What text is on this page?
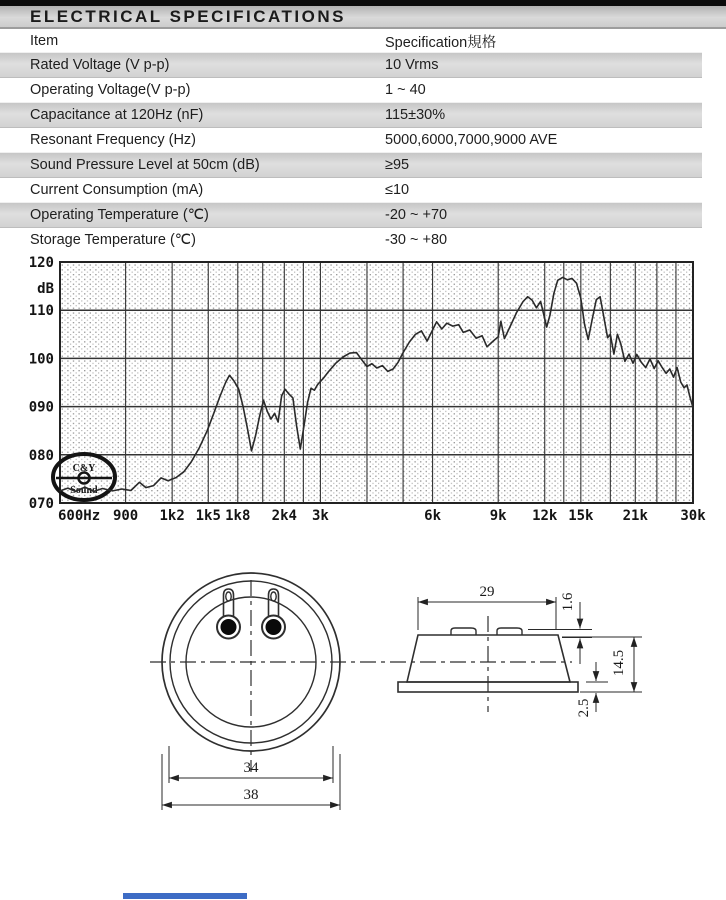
ELECTRICAL SPECIFICATIONS
Item	Specification規格
Rated Voltage (V p-p)	10 Vrms
Operating Voltage(V p-p)	1 ~ 40
Capacitance at 120Hz (nF)	115±30%
Resonant Frequency (Hz)	5000,6000,7000,9000 AVE
Sound Pressure Level at 50cm (dB)	≥95
Current Consumption (mA)	≤10
Operating Temperature (℃)	-20 ~ +70
Storage Temperature (℃)	-30 ~ +80
120
dB
110
100
090
080
070
600Hz 900 1k2 1k5 1k8 2k4 3k	6k	9k 12k 15k 21k 30k
C&Y
Sound
34
38
29
1.6
14.5
2.5
